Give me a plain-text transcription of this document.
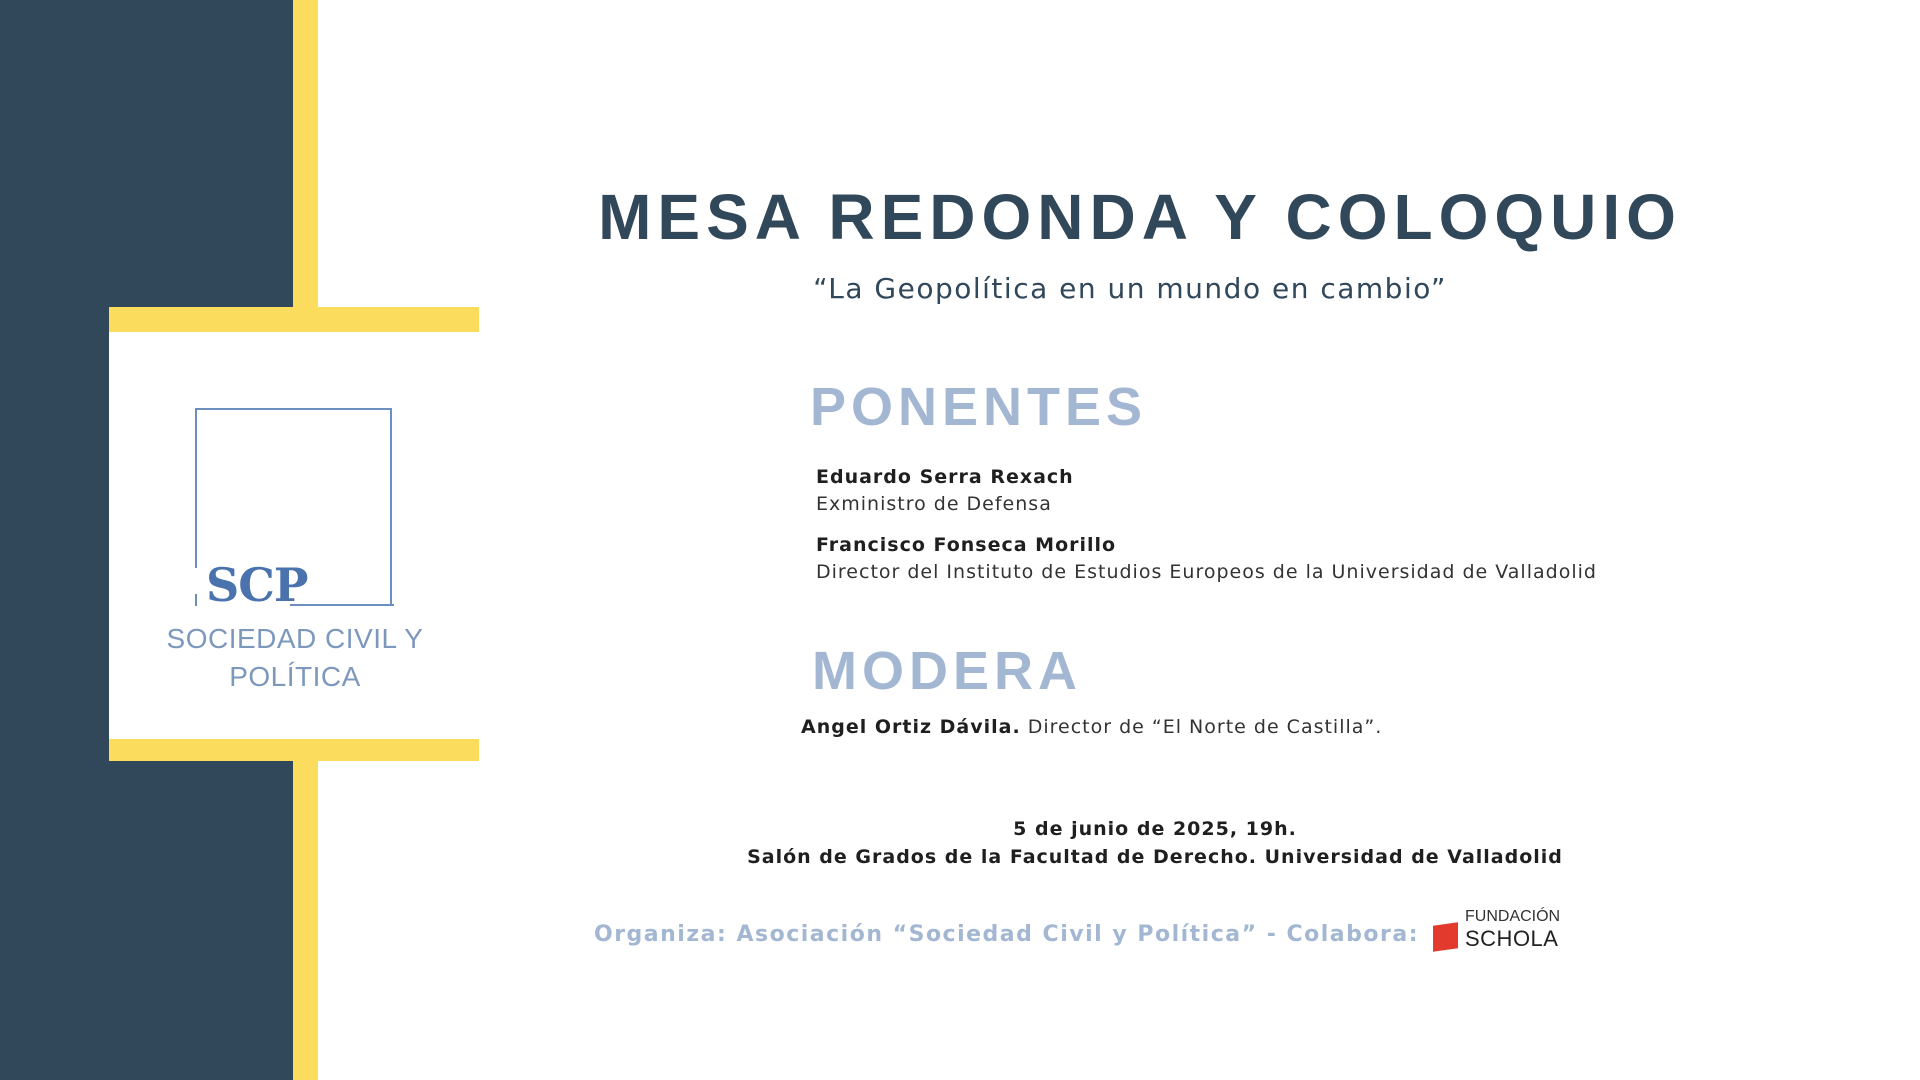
SCP
SOCIEDAD CIVIL Y
POLÍTICA
MESA REDONDA Y COLOQUIO
“La Geopolítica en un mundo en cambio”
PONENTES
Eduardo Serra Rexach
Exministro de Defensa
Francisco Fonseca Morillo
Director del Instituto de Estudios Europeos de la Universidad de Valladolid
MODERA
Angel Ortiz Dávila. Director de “El Norte de Castilla”.
5 de junio de 2025, 19h.
Salón de Grados de la Facultad de Derecho. Universidad de Valladolid
Organiza: Asociación “Sociedad Civil y Política” - Colabora:
FUNDACIÓN
SCHOLA
